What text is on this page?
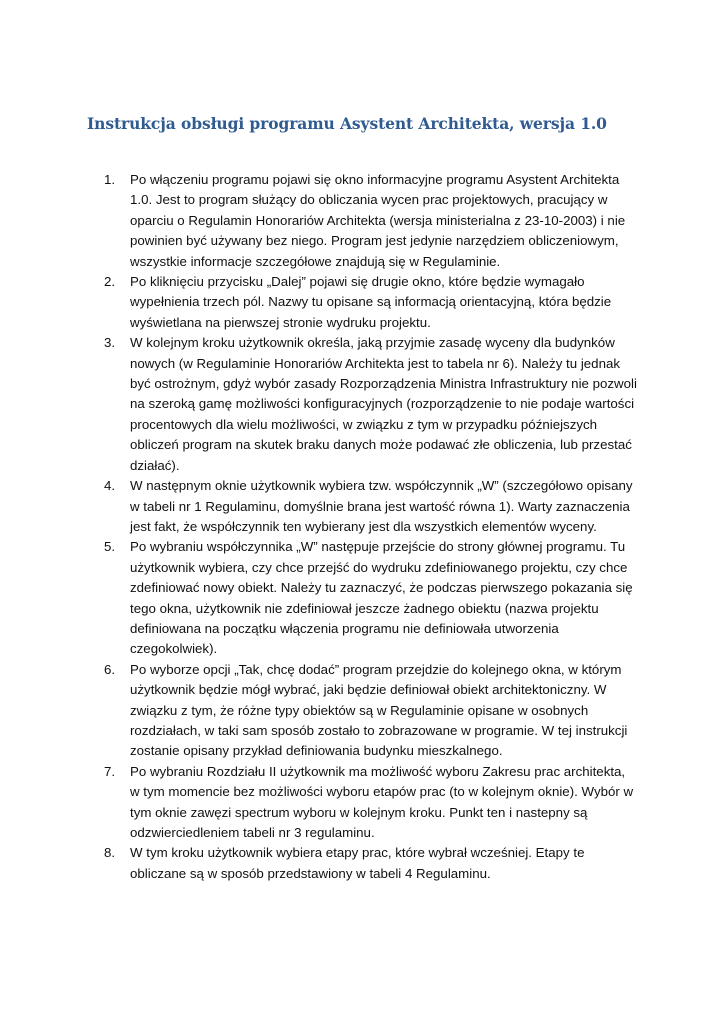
Instrukcja obsługi programu Asystent Architekta, wersja 1.0
1. Po włączeniu programu pojawi się okno informacyjne programu Asystent Architekta 1.0. Jest to program służący do obliczania wycen prac projektowych, pracujący w oparciu o Regulamin Honorariów Architekta (wersja ministerialna z 23-10-2003) i nie powinien być używany bez niego. Program jest jedynie narzędziem obliczeniowym, wszystkie informacje szczegółowe znajdują się w Regulaminie.
2. Po kliknięciu przycisku „Dalej” pojawi się drugie okno, które będzie wymagało wypełnienia trzech pól. Nazwy tu opisane są informacją orientacyjną, która będzie wyświetlana na pierwszej stronie wydruku projektu.
3. W kolejnym kroku użytkownik określa, jaką przyjmie zasadę wyceny dla budynków nowych (w Regulaminie Honorariów Architekta jest to tabela nr 6). Należy tu jednak być ostrożnym, gdyż wybór zasady Rozporządzenia Ministra Infrastruktury nie pozwoli na szeroką gamę możliwości konfiguracyjnych (rozporządzenie to nie podaje wartości procentowych dla wielu możliwości, w związku z tym w przypadku późniejszych obliczeń program na skutek braku danych może podawać złe obliczenia, lub przestać działać).
4. W następnym oknie użytkownik wybiera tzw. współczynnik „W” (szczegółowo opisany w tabeli nr 1 Regulaminu, domyślnie brana jest wartość równa 1). Warty zaznaczenia jest fakt, że współczynnik ten wybierany jest dla wszystkich elementów wyceny.
5. Po wybraniu współczynnika „W” następuje przejście do strony głównej programu. Tu użytkownik wybiera, czy chce przejść do wydruku zdefiniowanego projektu, czy chce zdefiniować nowy obiekt. Należy tu zaznaczyć, że podczas pierwszego pokazania się tego okna, użytkownik nie zdefiniował jeszcze żadnego obiektu (nazwa projektu definiowana na początku włączenia programu nie definiowała utworzenia czegokolwiek).
6. Po wyborze opcji „Tak, chcę dodać” program przejdzie do kolejnego okna, w którym użytkownik będzie mógł wybrać, jaki będzie definiował obiekt architektoniczny. W związku z tym, że różne typy obiektów są w Regulaminie opisane w osobnych rozdziałach, w taki sam sposób zostało to zobrazowane w programie. W tej instrukcji zostanie opisany przykład definiowania budynku mieszkalnego.
7. Po wybraniu Rozdziału II użytkownik ma możliwość wyboru Zakresu prac architekta, w tym momencie bez możliwości wyboru etapów prac (to w kolejnym oknie). Wybór w tym oknie zawęzi spectrum wyboru w kolejnym kroku. Punkt ten i nastepny są odzwierciedleniem tabeli nr 3 regulaminu.
8. W tym kroku użytkownik wybiera etapy prac, które wybrał wcześniej. Etapy te obliczane są w sposób przedstawiony w tabeli 4 Regulaminu.
